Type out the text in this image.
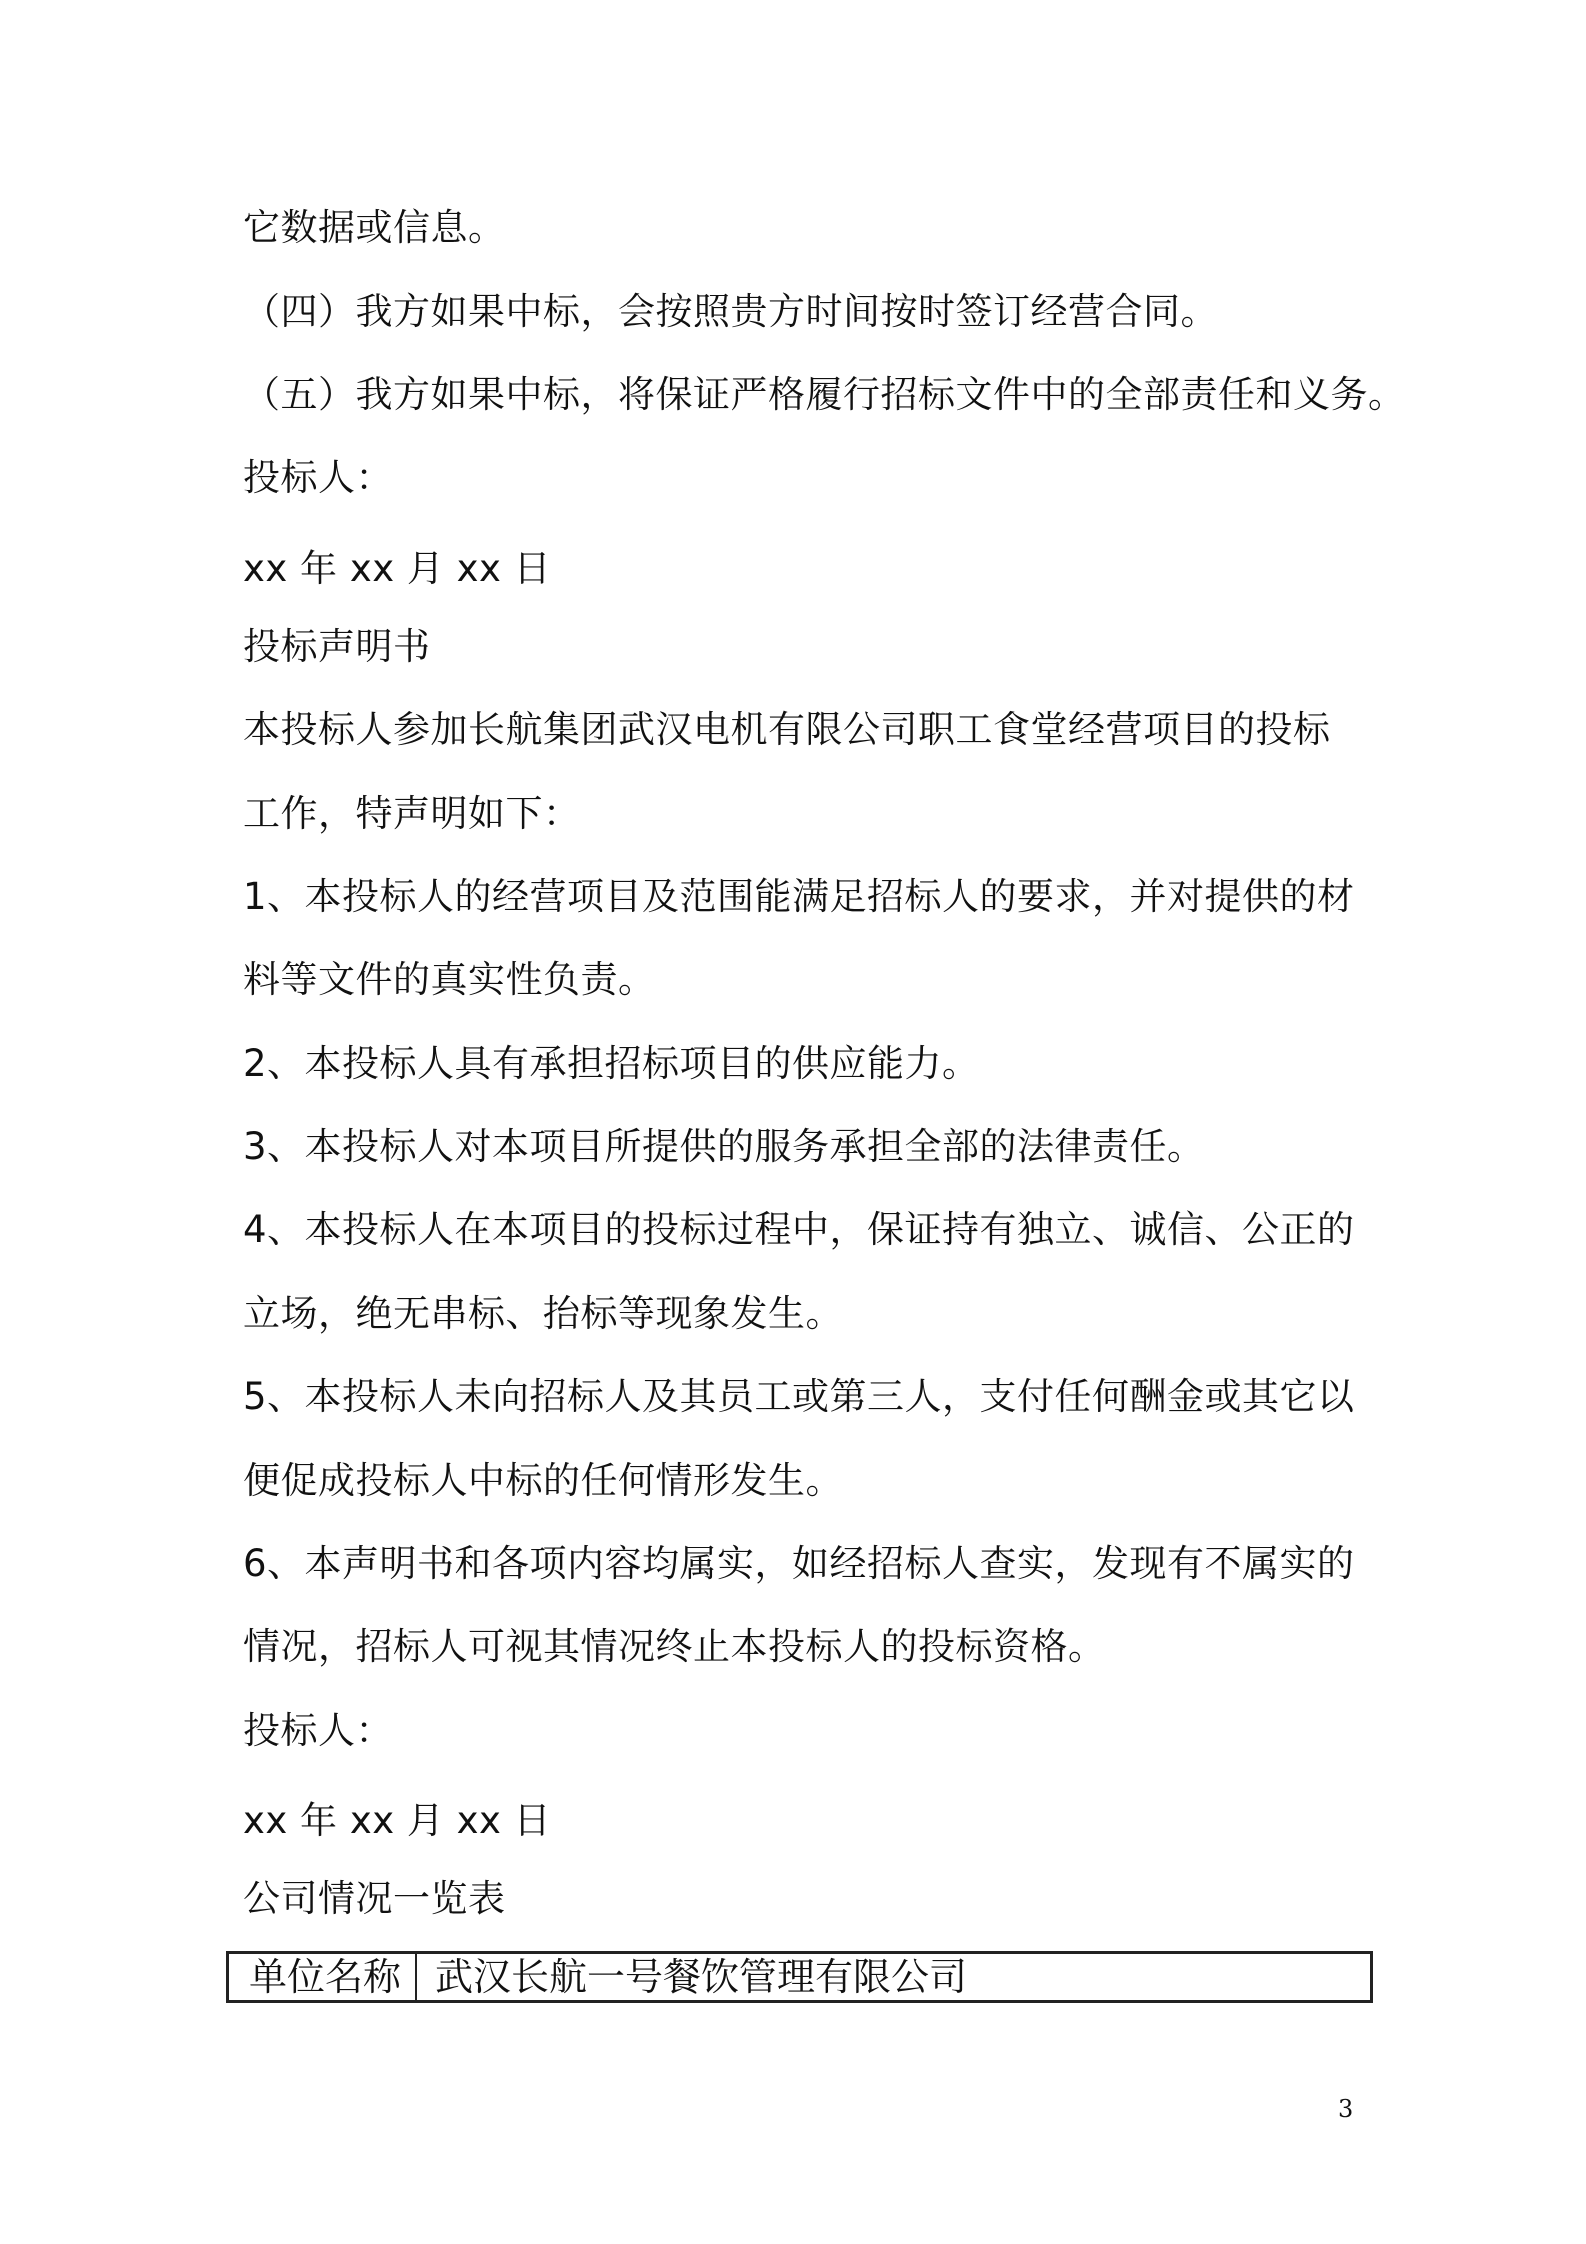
它数据或信息。
（四）我方如果中标，会按照贵方时间按时签订经营合同。
（五）我方如果中标，将保证严格履行招标文件中的全部责任和义务。
投标人：
xx 年 xx 月 xx 日
投标声明书
本投标人参加长航集团武汉电机有限公司职工食堂经营项目的投标
工作，特声明如下：
1、本投标人的经营项目及范围能满足招标人的要求，并对提供的材
料等文件的真实性负责。
2、本投标人具有承担招标项目的供应能力。
3、本投标人对本项目所提供的服务承担全部的法律责任。
4、本投标人在本项目的投标过程中，保证持有独立、诚信、公正的
立场，绝无串标、抬标等现象发生。
5、本投标人未向招标人及其员工或第三人，支付任何酬金或其它以
便促成投标人中标的任何情形发生。
6、本声明书和各项内容均属实，如经招标人查实，发现有不属实的
情况，招标人可视其情况终止本投标人的投标资格。
投标人：
xx 年 xx 月 xx 日
公司情况一览表
单位名称 武汉长航一号餐饮管理有限公司
3
